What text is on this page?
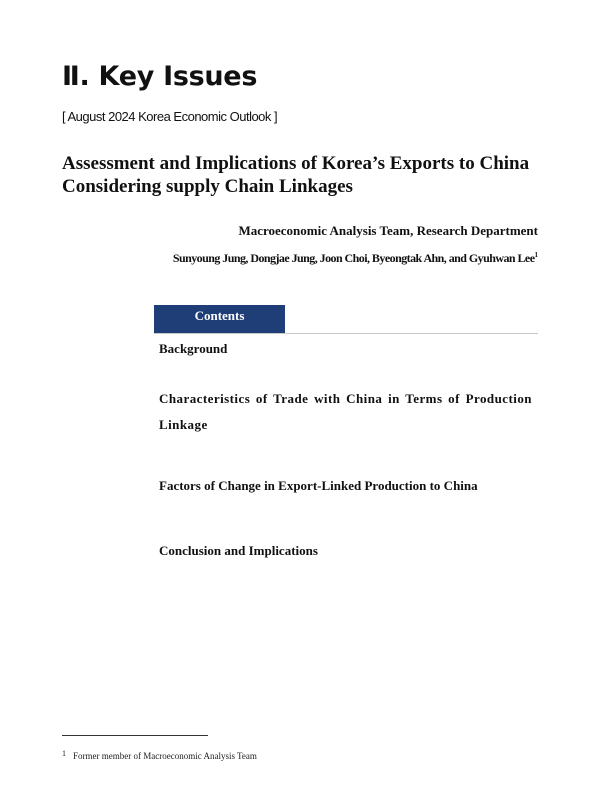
Ⅱ. Key Issues
[ August 2024 Korea Economic Outlook ]
Assessment and Implications of Korea’s Exports to China
Considering supply Chain Linkages
Macroeconomic Analysis Team, Research Department
Sunyoung Jung, Dongjae Jung, Joon Choi, Byeongtak Ahn, and Gyuhwan Lee$^1$
Contents
Background
Characteristics of Trade with China in Terms of Production Linkage
Factors of Change in Export-Linked Production to China
Conclusion and Implications
1 Former member of Macroeconomic Analysis Team
